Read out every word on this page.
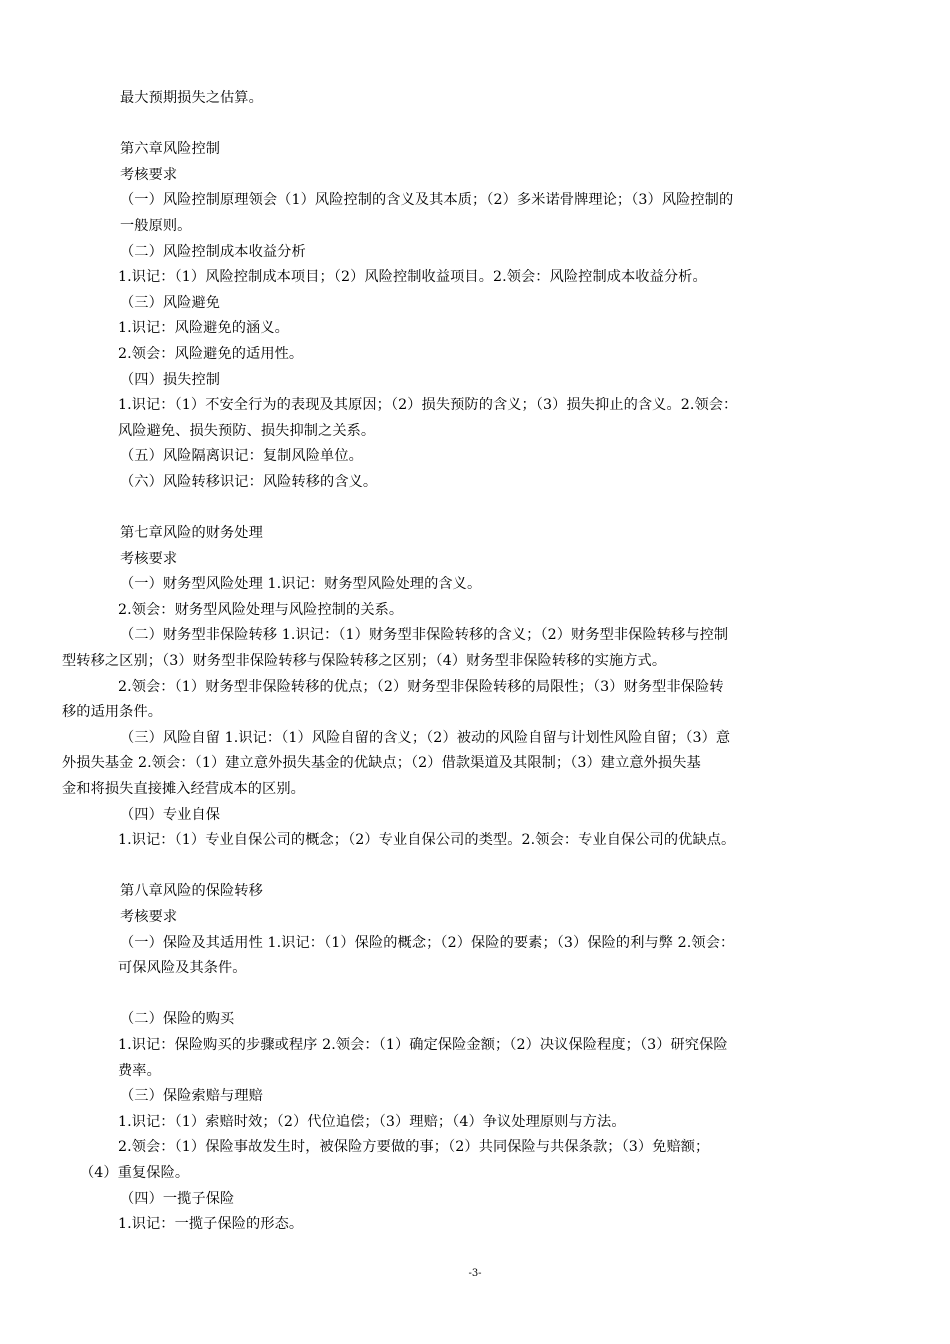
最大预期损失之估算。
第六章风险控制
考核要求
（一）风险控制原理领会（1）风险控制的含义及其本质；（2）多米诺骨牌理论；（3）风险控制的
一般原则。
（二）风险控制成本收益分析
1.识记：（1）风险控制成本项目；（2）风险控制收益项目。2.领会：风险控制成本收益分析。
（三）风险避免
1.识记：风险避免的涵义。
2.领会：风险避免的适用性。
（四）损失控制
1.识记：（1）不安全行为的表现及其原因；（2）损失预防的含义；（3）损失抑止的含义。2.领会：
风险避免、损失预防、损失抑制之关系。
（五）风险隔离识记：复制风险单位。
（六）风险转移识记：风险转移的含义。
第七章风险的财务处理
考核要求
（一）财务型风险处理 1.识记：财务型风险处理的含义。
2.领会：财务型风险处理与风险控制的关系。
（二）财务型非保险转移 1.识记：（1）财务型非保险转移的含义；（2）财务型非保险转移与控制
型转移之区别；（3）财务型非保险转移与保险转移之区别；（4）财务型非保险转移的实施方式。
2.领会：（1）财务型非保险转移的优点；（2）财务型非保险转移的局限性；（3）财务型非保险转
移的适用条件。
（三）风险自留 1.识记：（1）风险自留的含义；（2）被动的风险自留与计划性风险自留；（3）意
外损失基金 2.领会：（1）建立意外损失基金的优缺点；（2）借款渠道及其限制；（3）建立意外损失基
金和将损失直接摊入经营成本的区别。
（四）专业自保
1.识记：（1）专业自保公司的概念；（2）专业自保公司的类型。2.领会：专业自保公司的优缺点。
第八章风险的保险转移
考核要求
（一）保险及其适用性 1.识记：（1）保险的概念；（2）保险的要素；（3）保险的利与弊 2.领会：
可保风险及其条件。
（二）保险的购买
1.识记：保险购买的步骤或程序 2.领会：（1）确定保险金额；（2）决议保险程度；（3）研究保险
费率。
（三）保险索赔与理赔
1.识记：（1）索赔时效；（2）代位追偿；（3）理赔；（4）争议处理原则与方法。
2.领会：（1）保险事故发生时，被保险方要做的事；（2）共同保险与共保条款；（3）免赔额；
（4）重复保险。
（四）一揽子保险
1.识记：一揽子保险的形态。
-3-
